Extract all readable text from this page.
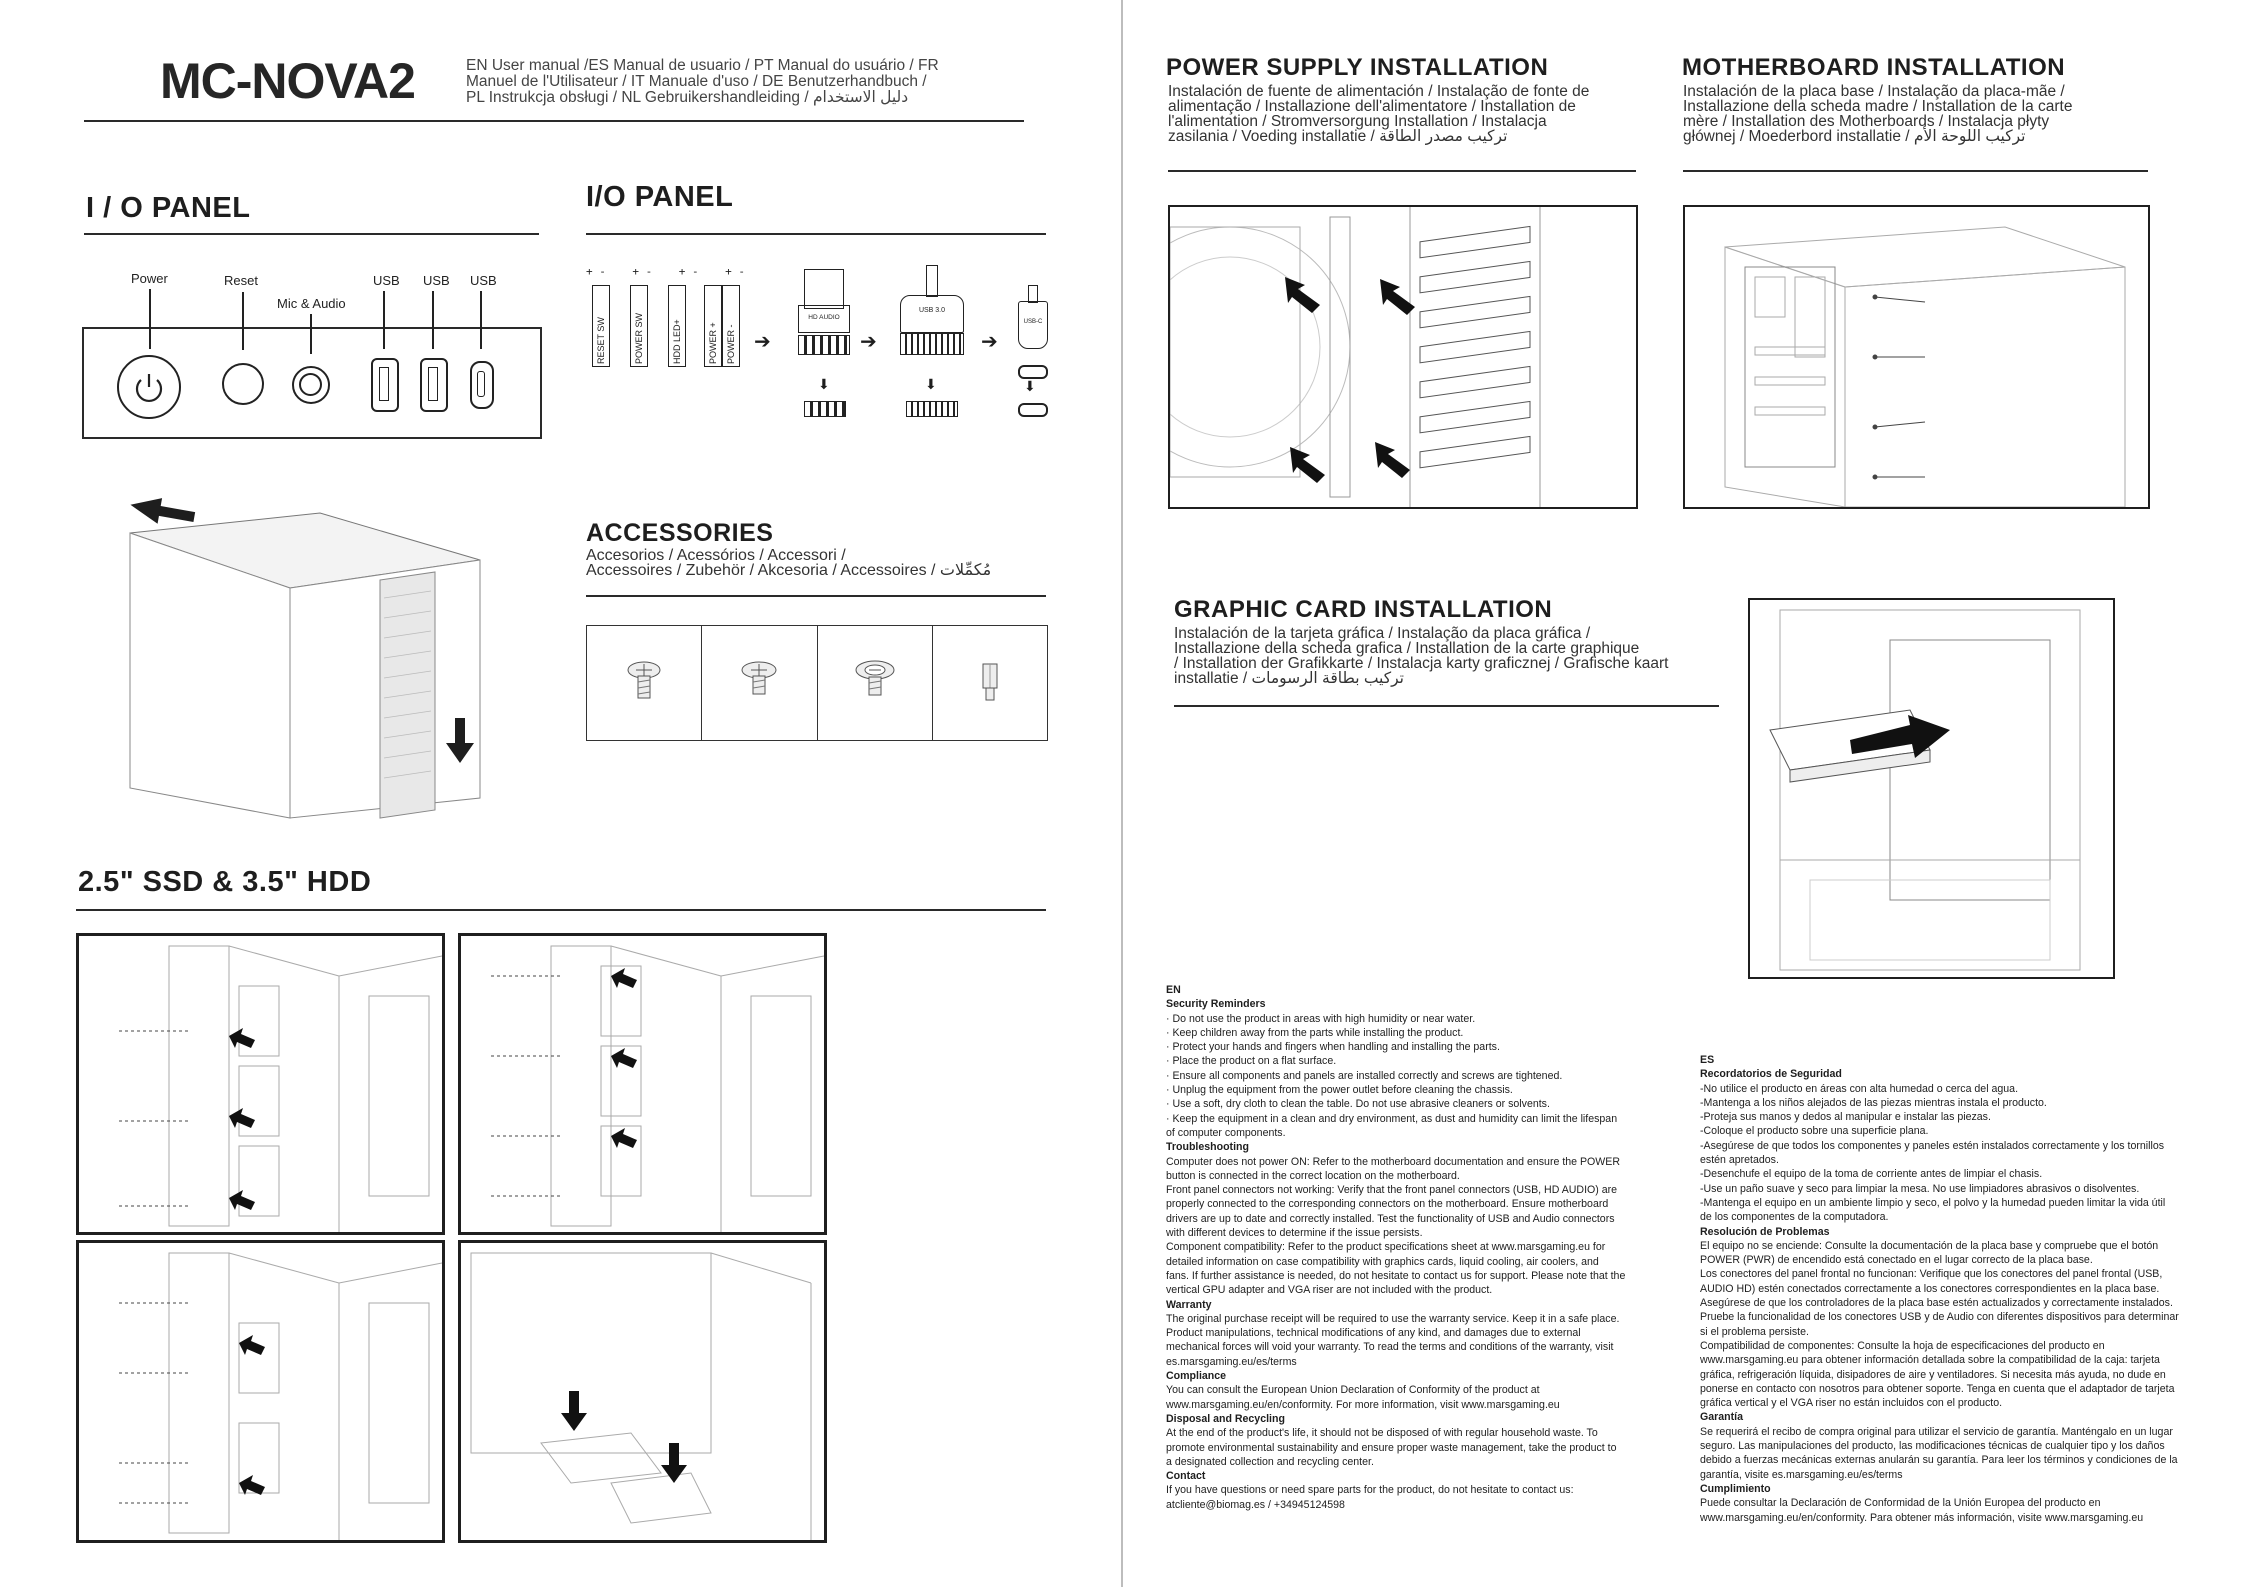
MC-NOVA2	EN User manual /ES Manual de usuario / PT Manual do usuário / FR
Manuel de l'Utilisateur / IT Manuale d'uso / DE Benutzerhandbuch /
PL Instrukcja obsługi / NL Gebruikershandleiding / دليل الاستخدام
I / O PANEL
Power	Reset
Mic & Audio
USB USB USB
I/O PANEL
+ -    + -    + -    + -
RESET SW	POWER SW	HDD LED+	POWER + POWER - ➔
HD AUDIO
⬇
➔
USB 3.0
⬇
➔
USB-C
⬇
ACCESSORIES
Accesorios / Acessórios / Accessori /
Accessoires / Zubehör / Akcesoria / Accessoires / مُكمِّلات
2.5" SSD & 3.5" HDD
POWER SUPPLY INSTALLATION
Instalación de fuente de alimentación / Instalação de fonte de
alimentação / Installazione dell'alimentatore / Installation de
l'alimentation / Stromversorgung Installation / Instalacja
zasilania / Voeding installatie / تركيب مصدر الطاقة
MOTHERBOARD INSTALLATION
Instalación de la placa base / Instalação da placa-mãe /
Installazione della scheda madre / Installation de la carte
mère / Installation des Motherboards / Instalacja płyty
głównej / Moederbord installatie / تركيب اللوحة الأم
GRAPHIC CARD INSTALLATION
Instalación de la tarjeta gráfica / Instalação da placa gráfica /
Installazione della scheda grafica / Installation de la carte graphique
/ Installation der Grafikkarte / Instalacja karty graficznej / Grafische kaart
installatie / تركيب بطاقة الرسومات
EN
Security Reminders
· Do not use the product in areas with high humidity or near water.
· Keep children away from the parts while installing the product.
· Protect your hands and fingers when handling and installing the parts.
· Place the product on a flat surface.
· Ensure all components and panels are installed correctly and screws are tightened.
· Unplug the equipment from the power outlet before cleaning the chassis.
· Use a soft, dry cloth to clean the table. Do not use abrasive cleaners or solvents.
· Keep the equipment in a clean and dry environment, as dust and humidity can limit the lifespan
of computer components.
Troubleshooting
Computer does not power ON: Refer to the motherboard documentation and ensure the POWER
button is connected in the correct location on the motherboard.
Front panel connectors not working: Verify that the front panel connectors (USB, HD AUDIO) are
properly connected to the corresponding connectors on the motherboard. Ensure motherboard
drivers are up to date and correctly installed. Test the functionality of USB and Audio connectors
with different devices to determine if the issue persists.
Component compatibility: Refer to the product specifications sheet at www.marsgaming.eu for
detailed information on case compatibility with graphics cards, liquid cooling, air coolers, and
fans. If further assistance is needed, do not hesitate to contact us for support. Please note that the
vertical GPU adapter and VGA riser are not included with the product.
Warranty
The original purchase receipt will be required to use the warranty service. Keep it in a safe place.
Product manipulations, technical modifications of any kind, and damages due to external
mechanical forces will void your warranty. To read the terms and conditions of the warranty, visit
es.marsgaming.eu/es/terms
Compliance
You can consult the European Union Declaration of Conformity of the product at
www.marsgaming.eu/en/conformity. For more information, visit www.marsgaming.eu
Disposal and Recycling
At the end of the product's life, it should not be disposed of with regular household waste. To
promote environmental sustainability and ensure proper waste management, take the product to
a designated collection and recycling center.
Contact
If you have questions or need spare parts for the product, do not hesitate to contact us:
atcliente@biomag.es / +34945124598
ES
Recordatorios de Seguridad
-No utilice el producto en áreas con alta humedad o cerca del agua.
-Mantenga a los niños alejados de las piezas mientras instala el producto.
-Proteja sus manos y dedos al manipular e instalar las piezas.
-Coloque el producto sobre una superficie plana.
-Asegúrese de que todos los componentes y paneles estén instalados correctamente y los tornillos
estén apretados.
-Desenchufe el equipo de la toma de corriente antes de limpiar el chasis.
-Use un paño suave y seco para limpiar la mesa. No use limpiadores abrasivos o disolventes.
-Mantenga el equipo en un ambiente limpio y seco, el polvo y la humedad pueden limitar la vida útil
de los componentes de la computadora.
Resolución de Problemas
El equipo no se enciende: Consulte la documentación de la placa base y compruebe que el botón
POWER (PWR) de encendido está conectado en el lugar correcto de la placa base.
Los conectores del panel frontal no funcionan: Verifique que los conectores del panel frontal (USB,
AUDIO HD) estén conectados correctamente a los conectores correspondientes en la placa base.
Asegúrese de que los controladores de la placa base estén actualizados y correctamente instalados.
Pruebe la funcionalidad de los conectores USB y de Audio con diferentes dispositivos para determinar
si el problema persiste.
Compatibilidad de componentes: Consulte la hoja de especificaciones del producto en
www.marsgaming.eu para obtener información detallada sobre la compatibilidad de la caja: tarjeta
gráfica, refrigeración líquida, disipadores de aire y ventiladores. Si necesita más ayuda, no dude en
ponerse en contacto con nosotros para obtener soporte. Tenga en cuenta que el adaptador de tarjeta
gráfica vertical y el VGA riser no están incluidos con el producto.
Garantía
Se requerirá el recibo de compra original para utilizar el servicio de garantía. Manténgalo en un lugar
seguro. Las manipulaciones del producto, las modificaciones técnicas de cualquier tipo y los daños
debido a fuerzas mecánicas externas anularán su garantía. Para leer los términos y condiciones de la
garantía, visite es.marsgaming.eu/es/terms
Cumplimiento
Puede consultar la Declaración de Conformidad de la Unión Europea del producto en
www.marsgaming.eu/en/conformity. Para obtener más información, visite www.marsgaming.eu
